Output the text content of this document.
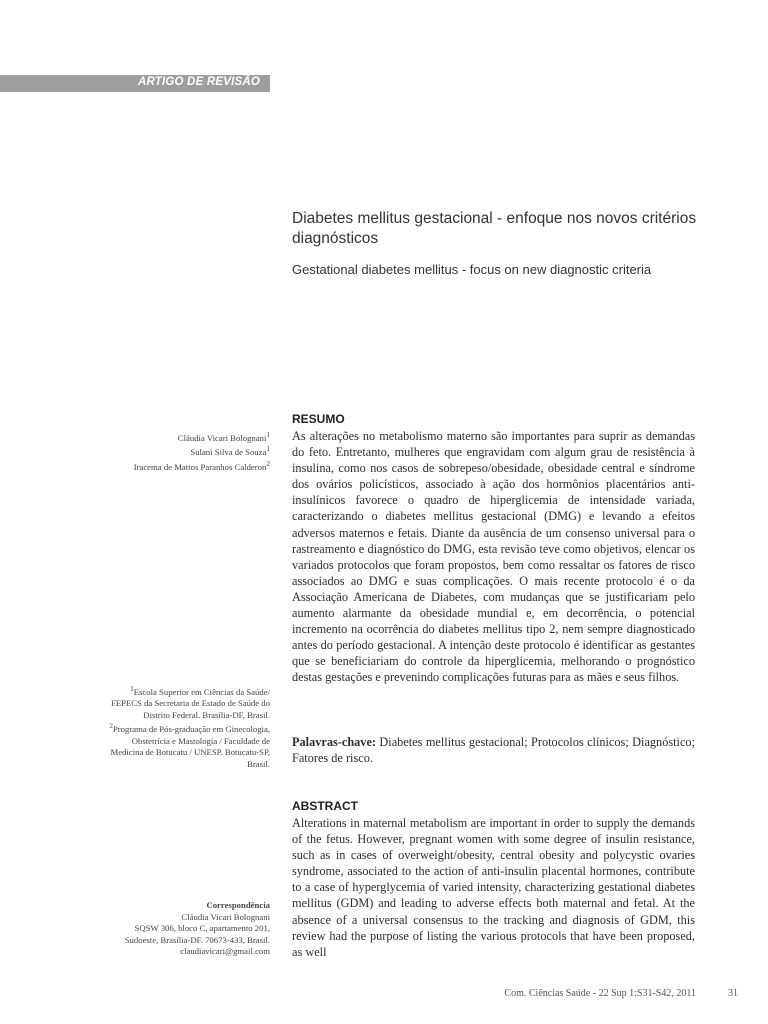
ARTIGO DE REVISÃO
Diabetes mellitus gestacional - enfoque nos novos critérios diagnósticos
Gestational diabetes mellitus - focus on new diagnostic criteria
Cláudia Vicari Bolognani$^1$
Sulani Silva de Souza$^1$
Iracema de Mattos Paranhos Calderon$^2$
$^1$Escola Superior em Ciências da Saúde/ FEPECS da Secretaria de Estado de Saúde do Distrito Federal. Brasília-DF, Brasil.
$^2$Programa de Pós-graduação em Ginecologia, Obstetrícia e Mastologia / Faculdade de Medicina de Botucatu / UNESP. Botucatu-SP, Brasil.
Correspondência
Cláudia Vicari Bolognani
SQSW 306, bloco C, apartamento 201,
Sudoeste, Brasília-DF. 70673-433, Brasil.
claudiavicari@gmail.com
RESUMO
As alterações no metabolismo materno são importantes para suprir as demandas do feto. Entretanto, mulheres que engravidam com algum grau de resistência à insulina, como nos casos de sobrepeso/obesidade, obesidade central e síndrome dos ovários policísticos, associado à ação dos hormônios placentários anti-insulínicos favorece o quadro de hiperglicemia de intensidade variada, caracterizando o diabetes mellitus gestacional (DMG) e levando a efeitos adversos maternos e fetais. Diante da ausência de um consenso universal para o rastreamento e diagnóstico do DMG, esta revisão teve como objetivos, elencar os variados protocolos que foram propostos, bem como ressaltar os fatores de risco associados ao DMG e suas complicações. O mais recente protocolo é o da Associação Americana de Diabetes, com mudanças que se justificariam pelo aumento alarmante da obesidade mundial e, em decorrência, o potencial incremento na ocorrência do diabetes mellitus tipo 2, nem sempre diagnosticado antes do período gestacional. A intenção deste protocolo é identificar as gestantes que se beneficiariam do controle da hiperglicemia, melhorando o prognóstico destas gestações e prevenindo complicações futuras para as mães e seus filhos.
Palavras-chave: Diabetes mellitus gestacional; Protocolos clínicos; Diagnóstico; Fatores de risco.
ABSTRACT
Alterations in maternal metabolism are important in order to supply the demands of the fetus. However, pregnant women with some degree of insulin resistance, such as in cases of overweight/obesity, central obesity and polycystic ovaries syndrome, associated to the action of anti-insulin placental hormones, contribute to a case of hyperglycemia of varied intensity, characterizing gestational diabetes mellitus (GDM) and leading to adverse effects both maternal and fetal. At the absence of a universal consensus to the tracking and diagnosis of GDM, this review had the purpose of listing the various protocols that have been proposed, as well
Com. Ciências Saúde - 22 Sup 1:S31-S42, 2011	31
